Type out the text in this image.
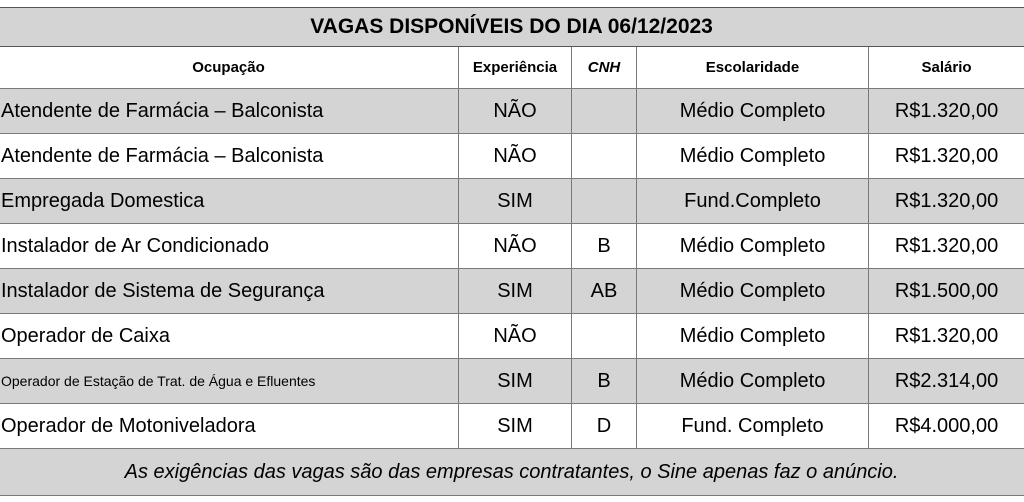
VAGAS DISPONÍVEIS DO DIA 06/12/2023				
Ocupação	Experiência	CNH	Escolaridade	Salário
Atendente de Farmácia – Balconista	NÃO		Médio Completo	R$1.320,00
Atendente de Farmácia – Balconista	NÃO		Médio Completo	R$1.320,00
Empregada Domestica	SIM		Fund.Completo	R$1.320,00
Instalador de Ar Condicionado	NÃO	B	Médio Completo	R$1.320,00
Instalador de Sistema de Segurança	SIM	AB	Médio Completo	R$1.500,00
Operador de Caixa	NÃO		Médio Completo	R$1.320,00
Operador de Estação de Trat. de Água e Efluentes	SIM	B	Médio Completo	R$2.314,00
Operador de Motoniveladora	SIM	D	Fund. Completo	R$4.000,00
As exigências das vagas são das empresas contratantes, o Sine apenas faz o anúncio.				
